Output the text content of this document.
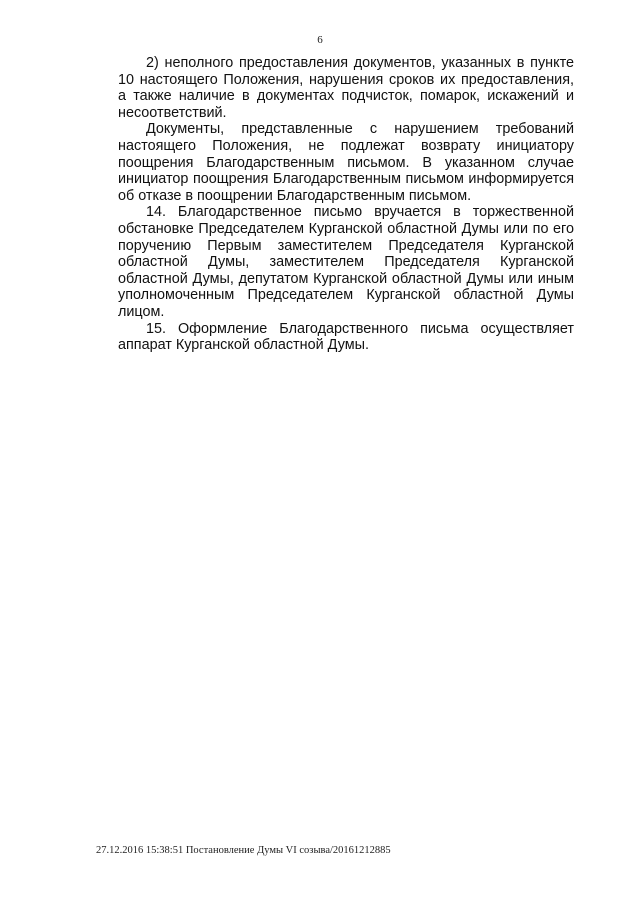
6

2) неполного предоставления документов, указанных в пункте 10 настоящего Положения, нарушения сроков их предоставления, а также наличие в документах подчисток, помарок, искажений и несоответствий.

Документы, представленные с нарушением требований настоящего Положения, не подлежат возврату инициатору поощрения Благодарственным письмом. В указанном случае инициатор поощрения Благодарственным письмом информируется об отказе в поощрении Благодарственным письмом.

14. Благодарственное письмо вручается в торжественной обстановке Председателем Курганской областной Думы или по его поручению Первым заместителем Председателя Курганской областной Думы, заместителем Председателя Курганской областной Думы, депутатом Курганской областной Думы или иным уполномоченным Председателем Курганской областной Думы лицом.

15. Оформление Благодарственного письма осуществляет аппарат Курганской областной Думы.

27.12.2016 15:38:51 Постановление Думы VI созыва/20161212885
